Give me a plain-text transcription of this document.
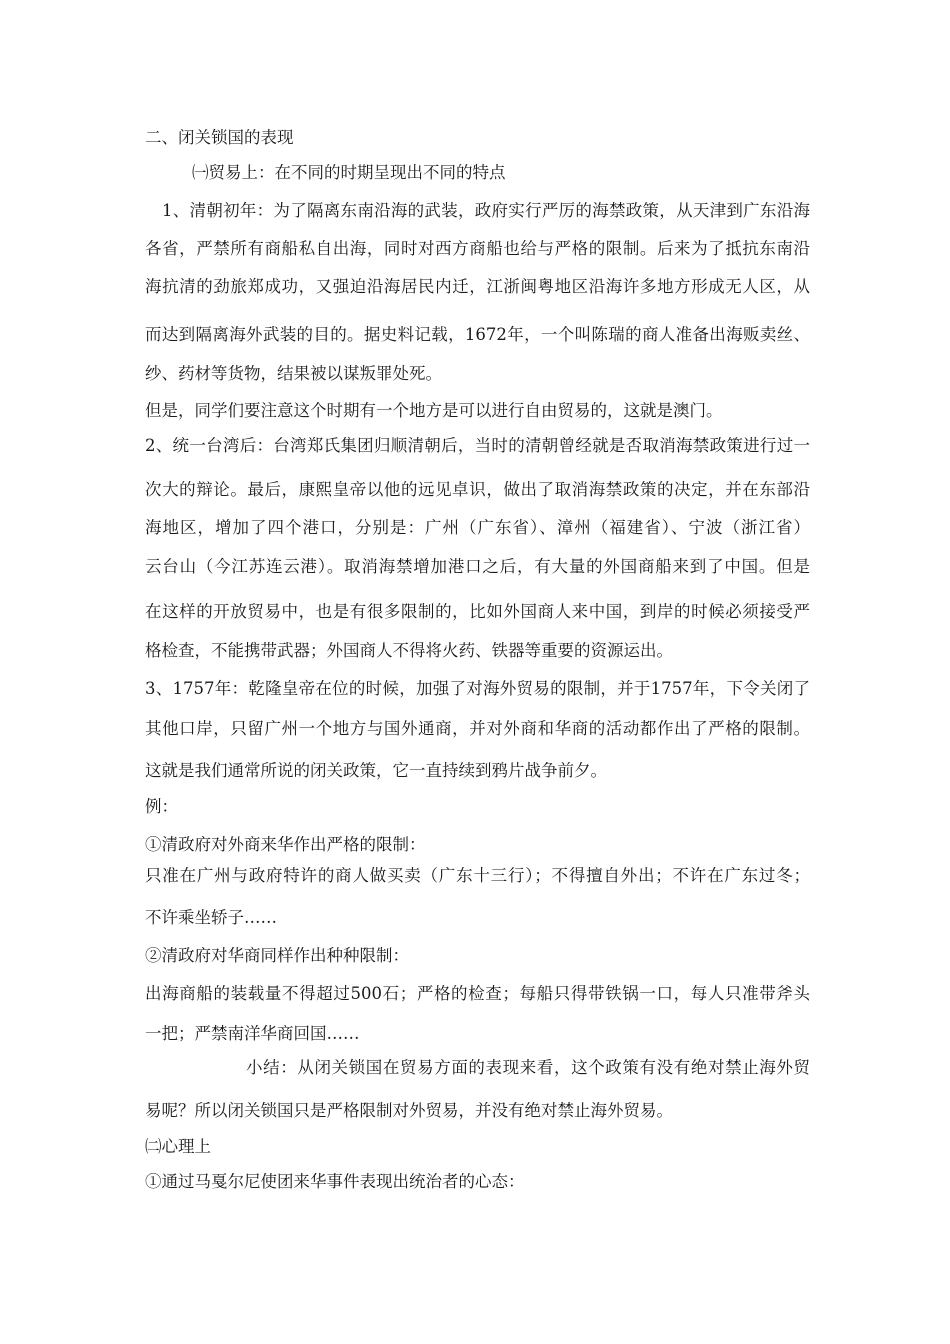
二、闭关锁国的表现
㈠贸易上：在不同的时期呈现出不同的特点
1、清朝初年：为了隔离东南沿海的武装，政府实行严厉的海禁政策，从天津到广东沿海
各省，严禁所有商船私自出海，同时对西方商船也给与严格的限制。后来为了抵抗东南沿
海抗清的劲旅郑成功，又强迫沿海居民内迁，江浙闽粤地区沿海许多地方形成无人区，从
而达到隔离海外武装的目的。据史料记载，1672年，一个叫陈瑞的商人准备出海贩卖丝、
纱、药材等货物，结果被以谋叛罪处死。
但是，同学们要注意这个时期有一个地方是可以进行自由贸易的，这就是澳门。
2、统一台湾后：台湾郑氏集团归顺清朝后，当时的清朝曾经就是否取消海禁政策进行过一
次大的辩论。最后，康熙皇帝以他的远见卓识，做出了取消海禁政策的决定，并在东部沿
海地区，增加了四个港口，分别是：广州（广东省）、漳州（福建省）、宁波（浙江省）
云台山（今江苏连云港）。取消海禁增加港口之后，有大量的外国商船来到了中国。但是
在这样的开放贸易中，也是有很多限制的，比如外国商人来中国，到岸的时候必须接受严
格检查，不能携带武器；外国商人不得将火药、铁器等重要的资源运出。
3、1757年：乾隆皇帝在位的时候，加强了对海外贸易的限制，并于1757年，下令关闭了
其他口岸，只留广州一个地方与国外通商，并对外商和华商的活动都作出了严格的限制。
这就是我们通常所说的闭关政策，它一直持续到鸦片战争前夕。
例：
①清政府对外商来华作出严格的限制：
只准在广州与政府特许的商人做买卖（广东十三行）；不得擅自外出；不许在广东过冬；
不许乘坐轿子……
②清政府对华商同样作出种种限制：
出海商船的装载量不得超过500石；严格的检查；每船只得带铁锅一口，每人只准带斧头
一把；严禁南洋华商回国……
小结：从闭关锁国在贸易方面的表现来看，这个政策有没有绝对禁止海外贸
易呢？所以闭关锁国只是严格限制对外贸易，并没有绝对禁止海外贸易。
㈡心理上
①通过马戛尔尼使团来华事件表现出统治者的心态：
